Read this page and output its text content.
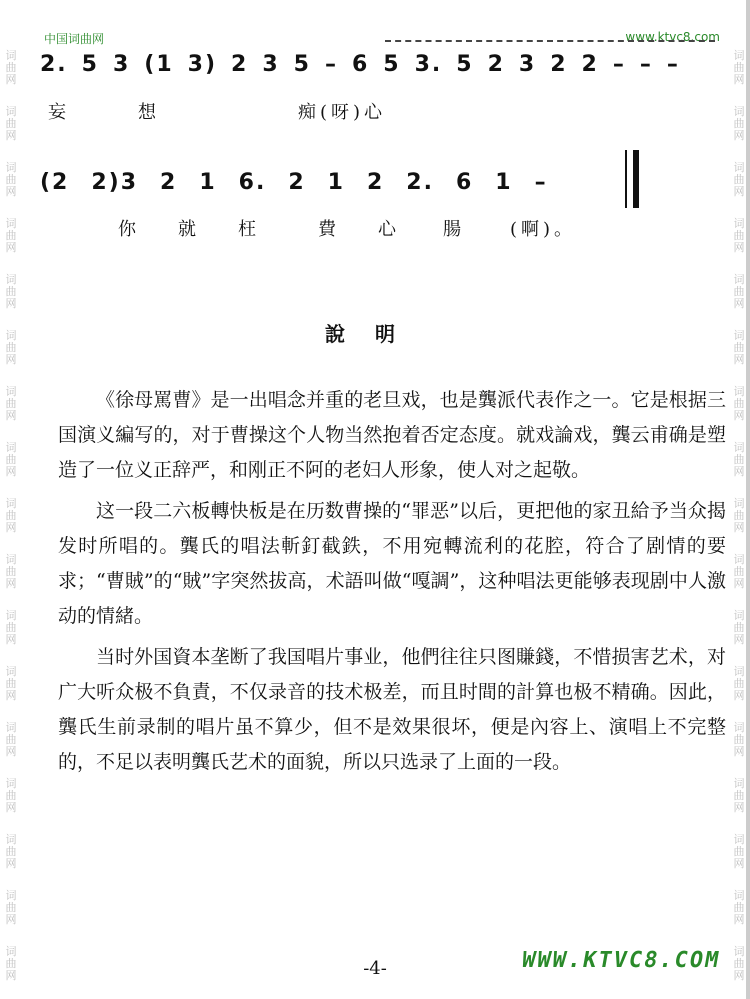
词
曲
网
词
曲
网
词
曲
网
词
曲
网
词
曲
网
词
曲
网
词
曲
网
词
曲
网
词
曲
网
词
曲
网
词
曲
网
词
曲
网
词
曲
网
词
曲
网
词
曲
网
词
曲
网
词
曲
网
词
曲
网
词
曲
网
词
曲
网
词
曲
网
词
曲
网
词
曲
网
词
曲
网
词
曲
网
词
曲
网
词
曲
网
词
曲
网
词
曲
网
词
曲
网
词
曲
网
词
曲
网
词
曲
网
词
曲
网
中国词曲网	www.ktvc8.com
2. 5 3 (1 3) 2 3 5 – 6 5 3. 5 2 3 2 2 – – –
妄	想	痴(呀)心
(2 2)3 2 1 6. 2 1 2 2. 6 1 –
你 就 枉	費 心 腸	(啊)。
說明

《徐母罵曹》是一出唱念并重的老旦戏，也是龔派代表作之一。它是根据三国演义編写的，对于曹操这个人物当然抱着否定态度。就戏論戏，龔云甫确是塑造了一位义正辞严，和刚正不阿的老妇人形象，使人对之起敬。

这一段二六板轉快板是在历数曹操的“罪恶”以后，更把他的家丑給予当众揭发时所唱的。龔氏的唱法斬釘截鉄，不用宛轉流利的花腔，符合了剧情的要求；“曹賊”的“賊”字突然拔高，术語叫做“嘎調”，这种唱法更能够表现剧中人激动的情緒。

当时外国資本垄断了我国唱片事业，他們往往只图賺錢，不惜损害艺术，对广大听众极不負責，不仅录音的技术极差，而且时間的計算也极不精确。因此，龔氏生前录制的唱片虽不算少，但不是效果很坏，便是內容上、演唱上不完整的，不足以表明龔氏艺术的面貌，所以只选录了上面的一段。

-4-	WWW.KTVC8.COM
